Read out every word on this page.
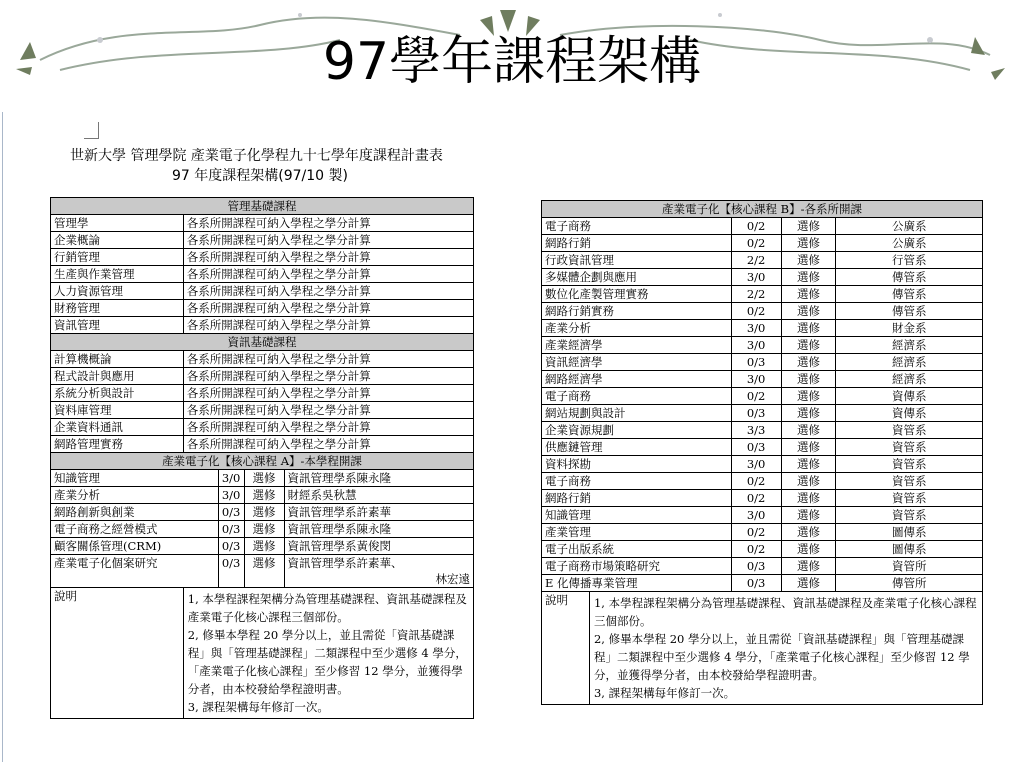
97學年課程架構
世新大學 管理學院 產業電子化學程九十七學年度課程計畫表
97 年度課程架構(97/10 製)
管理基礎課程				
管理學	各系所開課程可納入學程之學分計算			
企業概論	各系所開課程可納入學程之學分計算			
行銷管理	各系所開課程可納入學程之學分計算			
生產與作業管理	各系所開課程可納入學程之學分計算			
人力資源管理	各系所開課程可納入學程之學分計算			
財務管理	各系所開課程可納入學程之學分計算			
資訊管理	各系所開課程可納入學程之學分計算			
資訊基礎課程				
計算機概論	各系所開課程可納入學程之學分計算			
程式設計與應用	各系所開課程可納入學程之學分計算			
系統分析與設計	各系所開課程可納入學程之學分計算			
資料庫管理	各系所開課程可納入學程之學分計算			
企業資料通訊	各系所開課程可納入學程之學分計算			
網路管理實務	各系所開課程可納入學程之學分計算			
產業電子化【核心課程 A】-本學程開課				
知識管理		3/0	選修	資訊管理學系陳永隆
產業分析		3/0	選修	財經系吳秋慧
網路創新與創業		0/3	選修	資訊管理學系許素華
電子商務之經營模式		0/3	選修	資訊管理學系陳永隆
顧客關係管理(CRM)		0/3	選修	資訊管理學系黃俊閔
產業電子化個案研究		0/3	選修	資訊管理學系許素華、

林宏遠

說明	1, 本學程課程架構分為管理基礎課程、資訊基礎課程及產業電子化核心課程三個部份。

2, 修畢本學程 20 學分以上，並且需從「資訊基礎課程」與「管理基礎課程」二類課程中至少選修 4 學分，「產業電子化核心課程」至少修習 12 學分，並獲得學分者，由本校發給學程證明書。

3, 課程架構每年修訂一次。			

產業電子化【核心課程 B】-各系所開課				
電子商務		0/2	選修	公廣系
網路行銷		0/2	選修	公廣系
行政資訊管理		2/2	選修	行管系
多媒體企劃與應用		3/0	選修	傳管系
數位化產製管理實務		2/2	選修	傳管系
網路行銷實務		0/2	選修	傳管系
產業分析		3/0	選修	財金系
產業經濟學		3/0	選修	經濟系
資訊經濟學		0/3	選修	經濟系
網路經濟學		3/0	選修	經濟系
電子商務		0/2	選修	資傳系
網站規劃與設計		0/3	選修	資傳系
企業資源規劃		3/3	選修	資管系
供應鏈管理		0/3	選修	資管系
資料探勘		3/0	選修	資管系
電子商務		0/2	選修	資管系
網路行銷		0/2	選修	資管系
知識管理		3/0	選修	資管系
產業管理		0/2	選修	圖傳系
電子出版系統		0/2	選修	圖傳系
電子商務市場策略研究		0/3	選修	資管所
E 化傳播專業管理		0/3	選修	傳管所
說明	1, 本學程課程架構分為管理基礎課程、資訊基礎課程及產業電子化核心課程三個部份。

2, 修畢本學程 20 學分以上，並且需從「資訊基礎課程」與「管理基礎課程」二類課程中至少選修 4 學分，「產業電子化核心課程」至少修習 12 學分，並獲得學分者，由本校發給學程證明書。

3, 課程架構每年修訂一次。			
